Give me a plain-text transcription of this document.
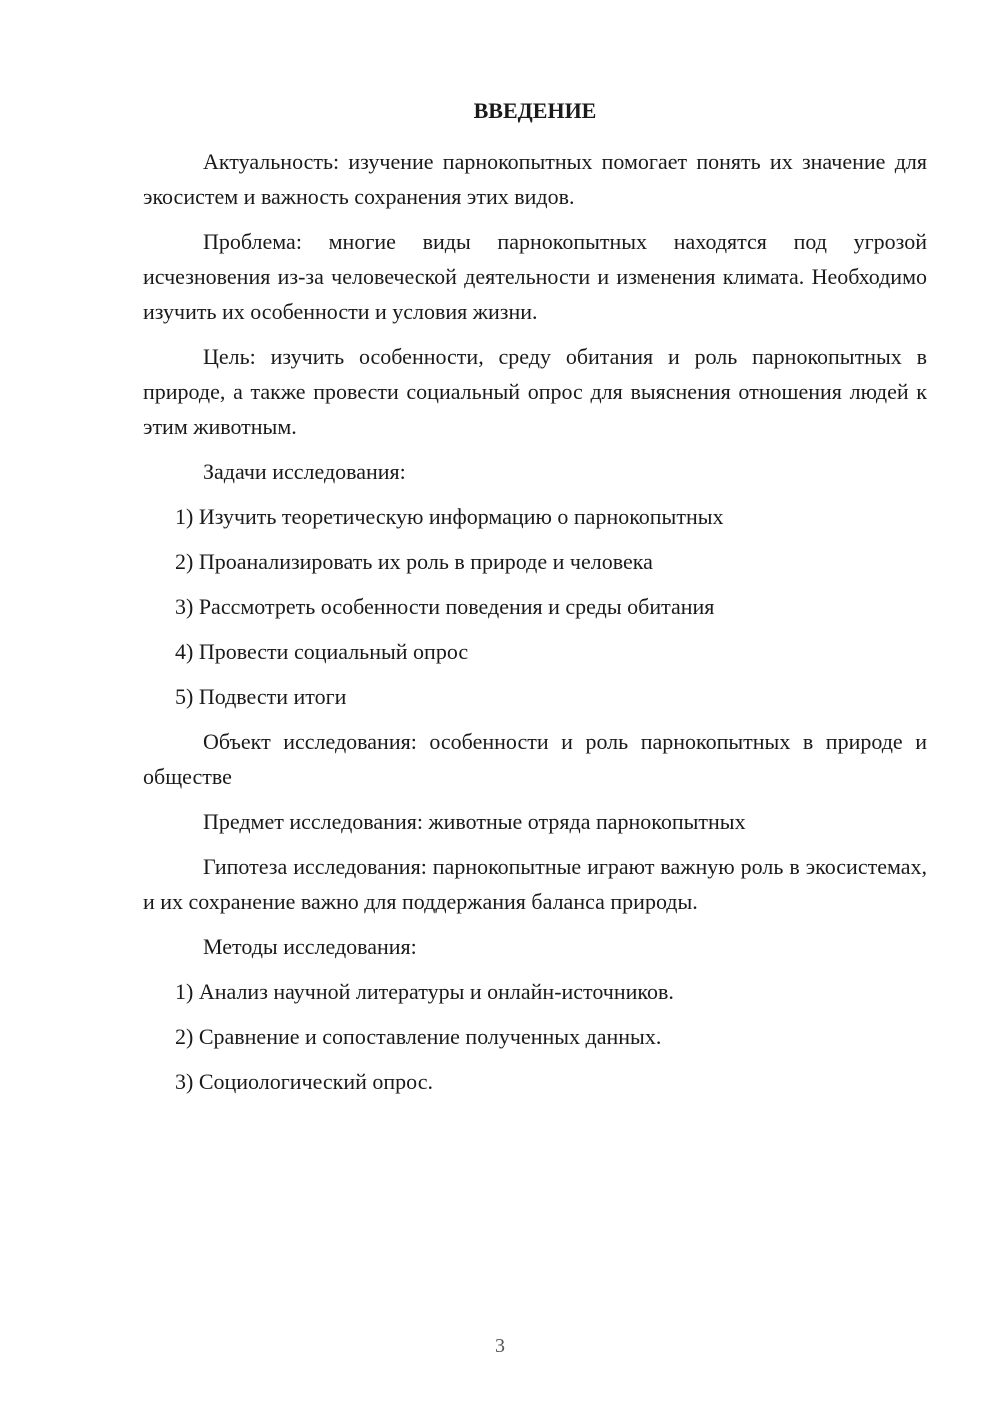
ВВЕДЕНИЕ

Актуальность: изучение парнокопытных помогает понять их значение для экосистем и важность сохранения этих видов.

Проблема: многие виды парнокопытных находятся под угрозой исчезновения из-за человеческой деятельности и изменения климата. Необходимо изучить их особенности и условия жизни.

Цель: изучить особенности, среду обитания и роль парнокопытных в природе, а также провести социальный опрос для выяснения отношения людей к этим животным.

Задачи исследования:

1) Изучить теоретическую информацию о парнокопытных
2) Проанализировать их роль в природе и человека
3) Рассмотреть особенности поведения и среды обитания
4) Провести социальный опрос
5) Подвести итоги

Объект исследования: особенности и роль парнокопытных в природе и обществе

Предмет исследования: животные отряда парнокопытных

Гипотеза исследования: парнокопытные играют важную роль в экосистемах, и их сохранение важно для поддержания баланса природы.

Методы исследования:

1) Анализ научной литературы и онлайн-источников.
2) Сравнение и сопоставление полученных данных.
3) Социологический опрос.
3
